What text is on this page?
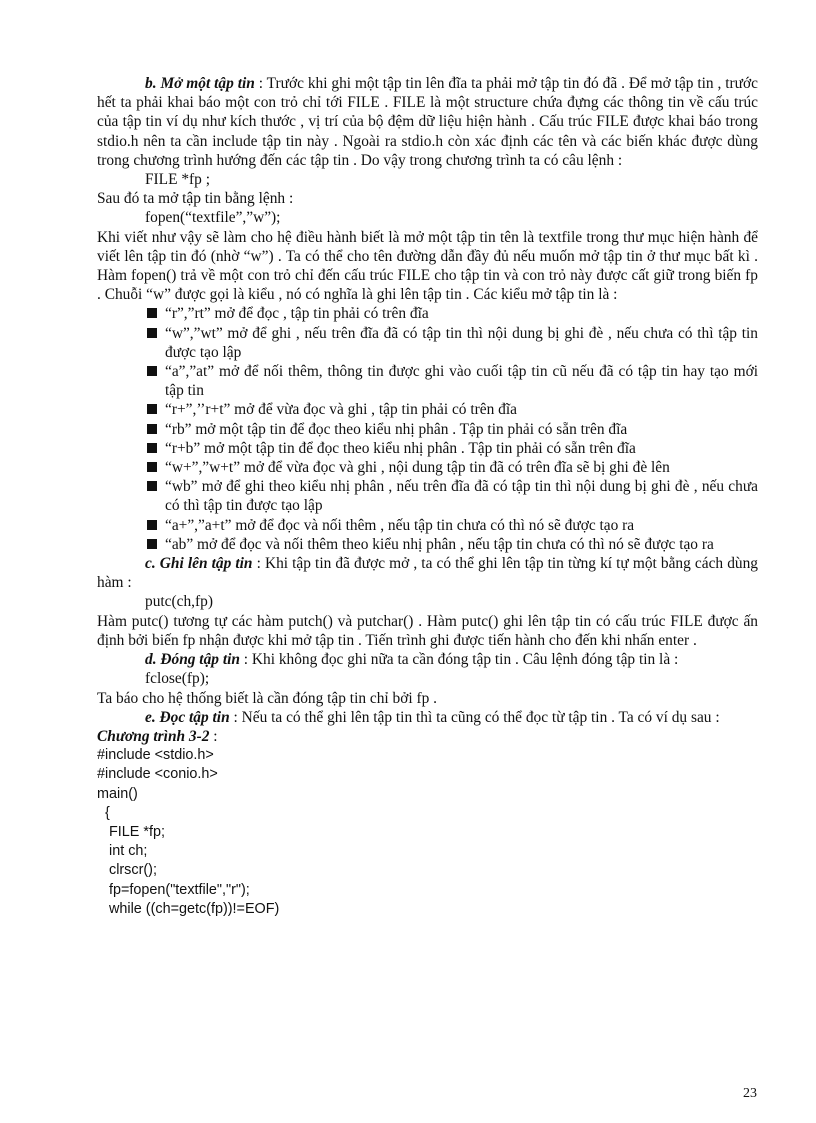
b. Mở một tập tin : Trước khi ghi một tập tin lên đĩa ta phải mở tập tin đó đã . Để mở tập tin , trước hết ta phải khai báo một con trỏ chỉ tới FILE . FILE là một structure chứa đựng các thông tin về cấu trúc của tập tin ví dụ như kích thước , vị trí của bộ đệm dữ liệu hiện hành . Cấu trúc FILE được khai báo trong stdio.h nên ta cần include tập tin này . Ngoài ra stdio.h còn xác định các tên và các biến khác được dùng trong chương trình hướng đến các tập tin . Do vậy trong chương trình ta có câu lệnh :

FILE *fp ;

Sau đó ta mở tập tin bằng lệnh :

fopen(“textfile”,”w”);

Khi viết như vậy sẽ làm cho hệ điều hành biết là mở một tập tin tên là textfile trong thư mục hiện hành để viết lên tập tin đó (nhờ “w”) . Ta có thể cho tên đường dẫn đầy đủ nếu muốn mở tập tin ở thư mục bất kì . Hàm fopen() trả về một con trỏ chỉ đến cấu trúc FILE cho tập tin và con trỏ này được cất giữ trong biến fp . Chuỗi “w” được gọi là kiểu , nó có nghĩa là ghi lên tập tin . Các kiểu mở tập tin là :

“r”,”rt” mở để đọc , tập tin phải có trên đĩa
“w”,”wt” mở để ghi , nếu trên đĩa đã có tập tin thì nội dung bị ghi đè , nếu chưa có thì tập tin được tạo lập
“a”,”at” mở để nối thêm, thông tin được ghi vào cuối tập tin cũ nếu đã có tập tin hay tạo mới tập tin
“r+”,’’r+t” mở để vừa đọc và ghi , tập tin phải có trên đĩa
“rb” mở một tập tin để đọc theo kiểu nhị phân . Tập tin phải có sẵn trên đĩa
“r+b” mở một tập tin để đọc theo kiểu nhị phân . Tập tin phải có sẵn trên đĩa
“w+”,”w+t” mở để vừa đọc và ghi , nội dung tập tin đã có trên đĩa sẽ bị ghi đè lên
“wb” mở để ghi theo kiểu nhị phân , nếu trên đĩa đã có tập tin thì nội dung bị ghi đè , nếu chưa có thì tập tin được tạo lập
“a+”,”a+t” mở để đọc và nối thêm , nếu tập tin chưa có thì nó sẽ được tạo ra
“ab” mở để đọc và nối thêm theo kiểu nhị phân , nếu tập tin chưa có thì nó sẽ được tạo ra

c. Ghi lên tập tin : Khi tập tin đã được mở , ta có thể ghi lên tập tin từng kí tự một bằng cách dùng hàm :

putc(ch,fp)

Hàm putc() tương tự các hàm putch() và putchar() . Hàm putc() ghi lên tập tin có cấu trúc FILE được ấn định bởi biến fp nhận được khi mở tập tin . Tiến trình ghi được tiến hành cho đến khi nhấn enter .

d. Đóng tập tin : Khi không đọc ghi nữa ta cần đóng tập tin . Câu lệnh đóng tập tin là :

fclose(fp);

Ta báo cho hệ thống biết là cần đóng tập tin chỉ bởi fp .

e. Đọc tập tin : Nếu ta có thể ghi lên tập tin thì ta cũng có thể đọc từ tập tin . Ta có ví dụ sau :

Chương trình 3-2 :

#include <stdio.h>

#include <conio.h>

main()

{

FILE *fp;

int ch;

clrscr();

fp=fopen("textfile","r");

while ((ch=getc(fp))!=EOF)

23
